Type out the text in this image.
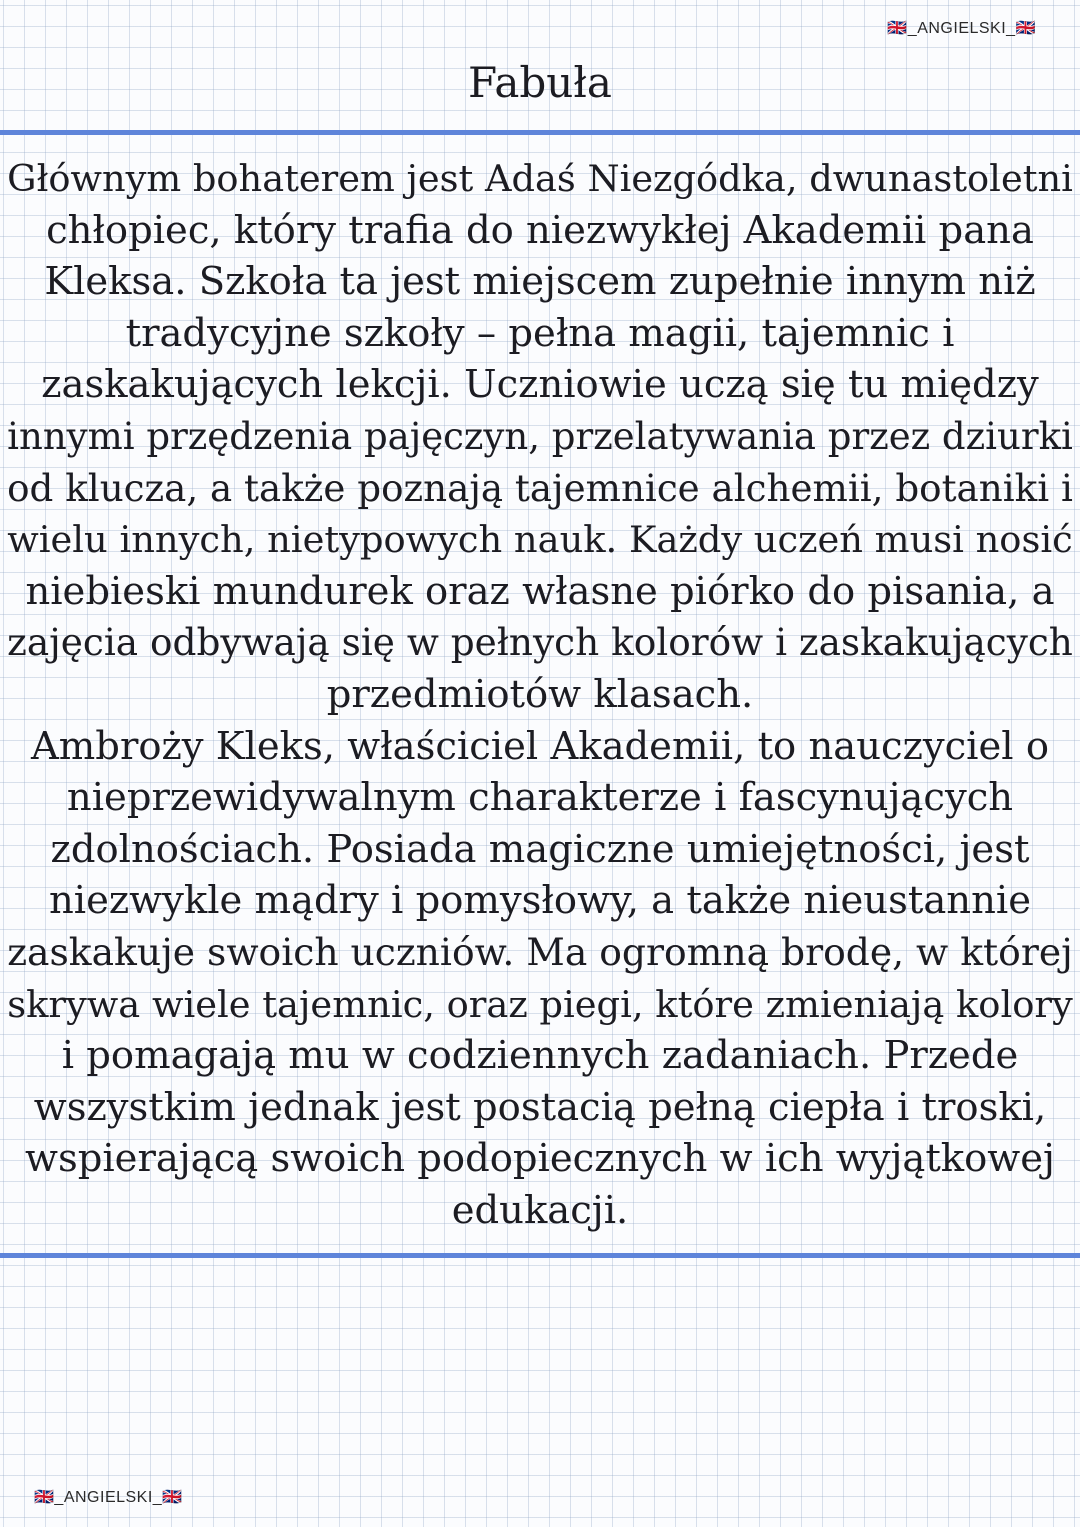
🇬🇧_ANGIELSKI_🇬🇧
Fabuła
Głównym bohaterem jest Adaś Niezgódka, dwunastoletni
chłopiec, który trafia do niezwykłej Akademii pana
Kleksa. Szkoła ta jest miejscem zupełnie innym niż
tradycyjne szkoły – pełna magii, tajemnic i
zaskakujących lekcji. Uczniowie uczą się tu między
innymi przędzenia pajęczyn, przelatywania przez dziurki
od klucza, a także poznają tajemnice alchemii, botaniki i
wielu innych, nietypowych nauk. Każdy uczeń musi nosić
niebieski mundurek oraz własne piórko do pisania, a
zajęcia odbywają się w pełnych kolorów i zaskakujących
przedmiotów klasach.
Ambroży Kleks, właściciel Akademii, to nauczyciel o
nieprzewidywalnym charakterze i fascynujących
zdolnościach. Posiada magiczne umiejętności, jest
niezwykle mądry i pomysłowy, a także nieustannie
zaskakuje swoich uczniów. Ma ogromną brodę, w której
skrywa wiele tajemnic, oraz piegi, które zmieniają kolory
i pomagają mu w codziennych zadaniach. Przede
wszystkim jednak jest postacią pełną ciepła i troski,
wspierającą swoich podopiecznych w ich wyjątkowej
edukacji.
🇬🇧_ANGIELSKI_🇬🇧
